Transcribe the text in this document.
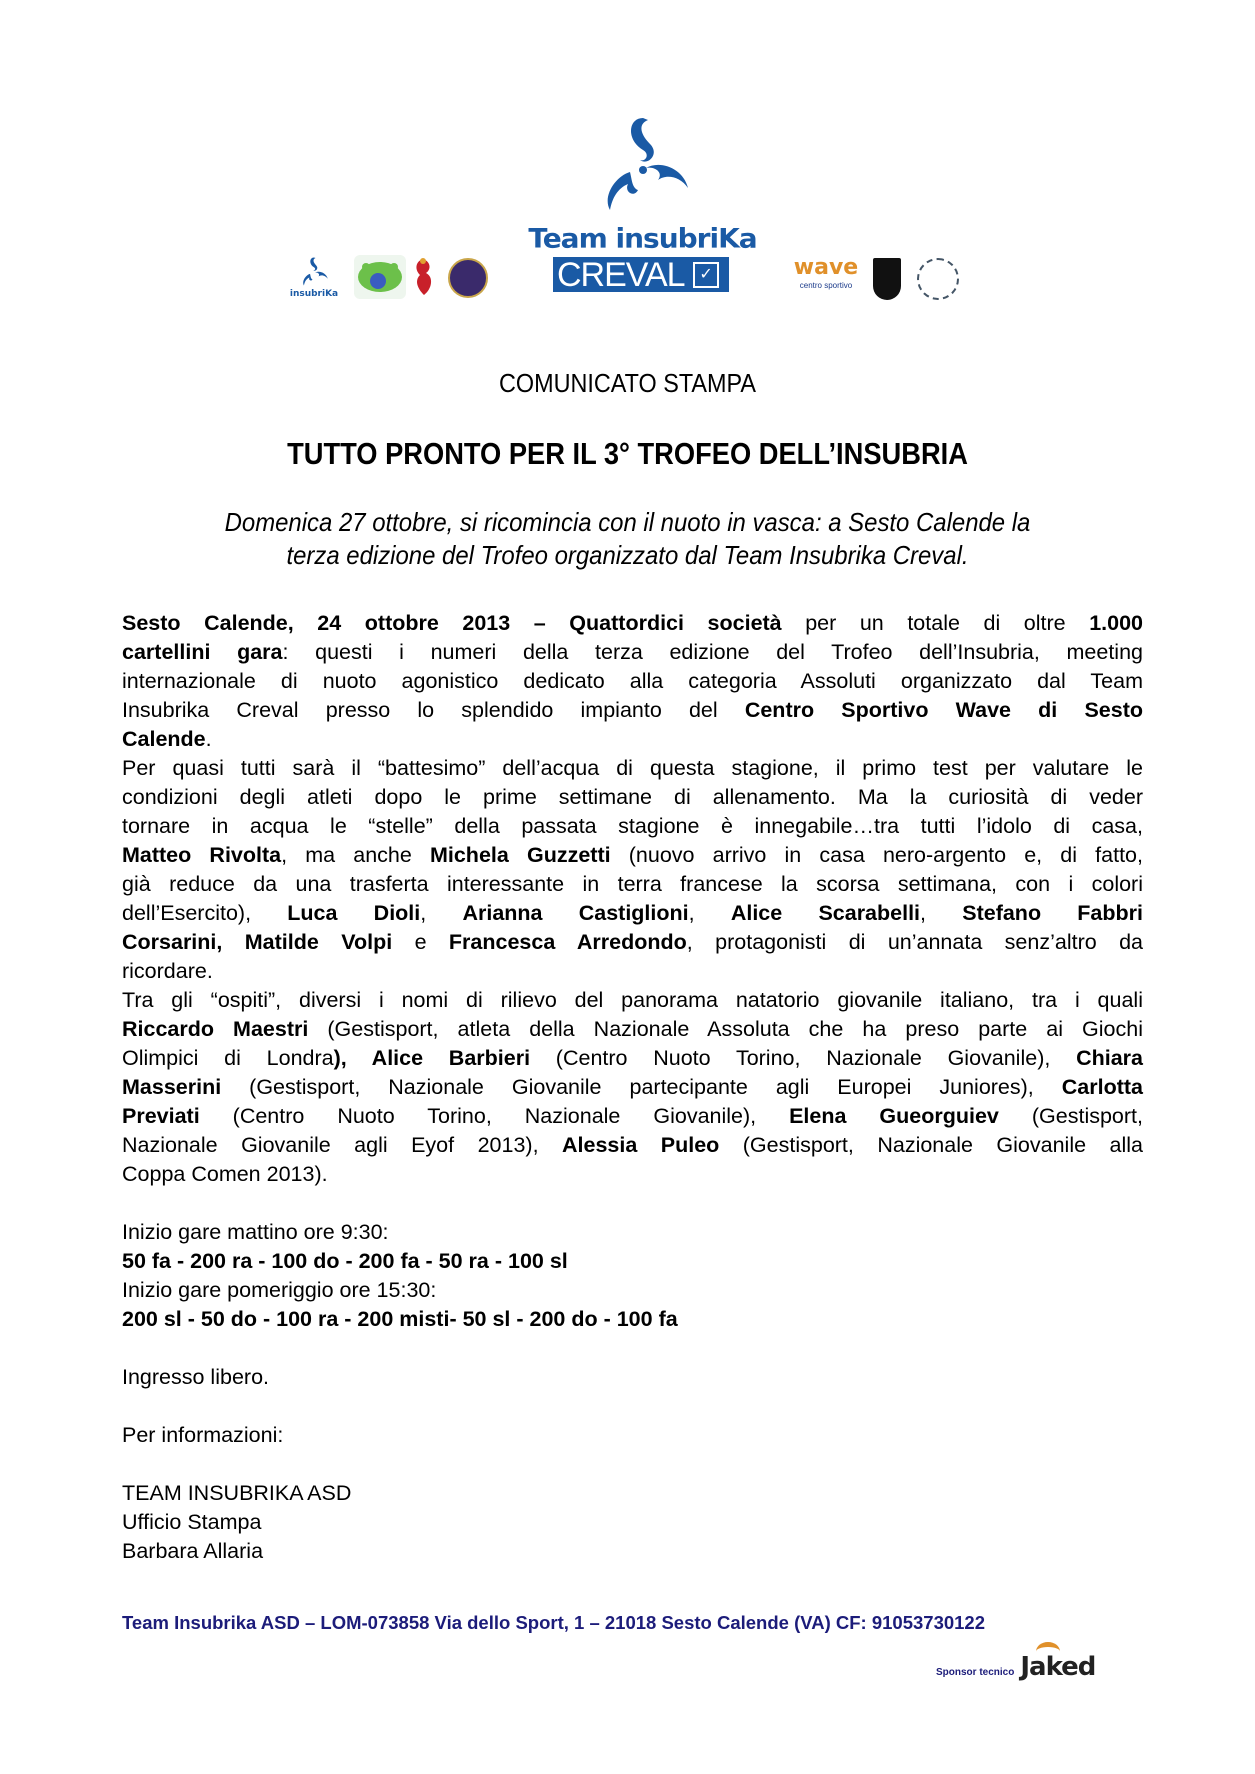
Team insubriKa
CREVAL ✓
insubriKa
wave
centro sportivo
COMUNICATO STAMPA
TUTTO PRONTO PER IL 3° TROFEO DELL’INSUBRIA
Domenica 27 ottobre, si ricomincia con il nuoto in vasca: a Sesto Calende la
terza edizione del Trofeo organizzato dal Team Insubrika Creval.
Sesto Calende, 24 ottobre 2013 – Quattordici società per un totale di oltre 1.000
cartellini gara: questi i numeri della terza edizione del Trofeo dell’Insubria, meeting
internazionale di nuoto agonistico dedicato alla categoria Assoluti organizzato dal Team
Insubrika Creval presso lo splendido impianto del Centro Sportivo Wave di Sesto
Calende.
Per quasi tutti sarà il “battesimo” dell’acqua di questa stagione, il primo test per valutare le
condizioni degli atleti dopo le prime settimane di allenamento. Ma la curiosità di veder
tornare in acqua le “stelle” della passata stagione è innegabile…tra tutti l’idolo di casa,
Matteo Rivolta, ma anche Michela Guzzetti (nuovo arrivo in casa nero-argento e, di fatto,
già reduce da una trasferta interessante in terra francese la scorsa settimana, con i colori
dell’Esercito), Luca Dioli, Arianna Castiglioni, Alice Scarabelli, Stefano Fabbri
Corsarini, Matilde Volpi e Francesca Arredondo, protagonisti di un’annata senz’altro da
ricordare.
Tra gli “ospiti”, diversi i nomi di rilievo del panorama natatorio giovanile italiano, tra i quali
Riccardo Maestri (Gestisport, atleta della Nazionale Assoluta che ha preso parte ai Giochi
Olimpici di Londra), Alice Barbieri (Centro Nuoto Torino, Nazionale Giovanile), Chiara
Masserini (Gestisport, Nazionale Giovanile partecipante agli Europei Juniores), Carlotta
Previati (Centro Nuoto Torino, Nazionale Giovanile), Elena Gueorguiev (Gestisport,
Nazionale Giovanile agli Eyof 2013), Alessia Puleo (Gestisport, Nazionale Giovanile alla
Coppa Comen 2013).
Inizio gare mattino ore 9:30:
50 fa - 200 ra - 100 do - 200 fa - 50 ra - 100 sl
Inizio gare pomeriggio ore 15:30:
200 sl - 50 do - 100 ra - 200 misti- 50 sl - 200 do - 100 fa
Ingresso libero.
Per informazioni:
TEAM INSUBRIKA ASD
Ufficio Stampa
Barbara Allaria
Team Insubrika ASD – LOM-073858 Via dello Sport, 1 – 21018 Sesto Calende (VA) CF: 91053730122
Sponsor tecnico Jaked
